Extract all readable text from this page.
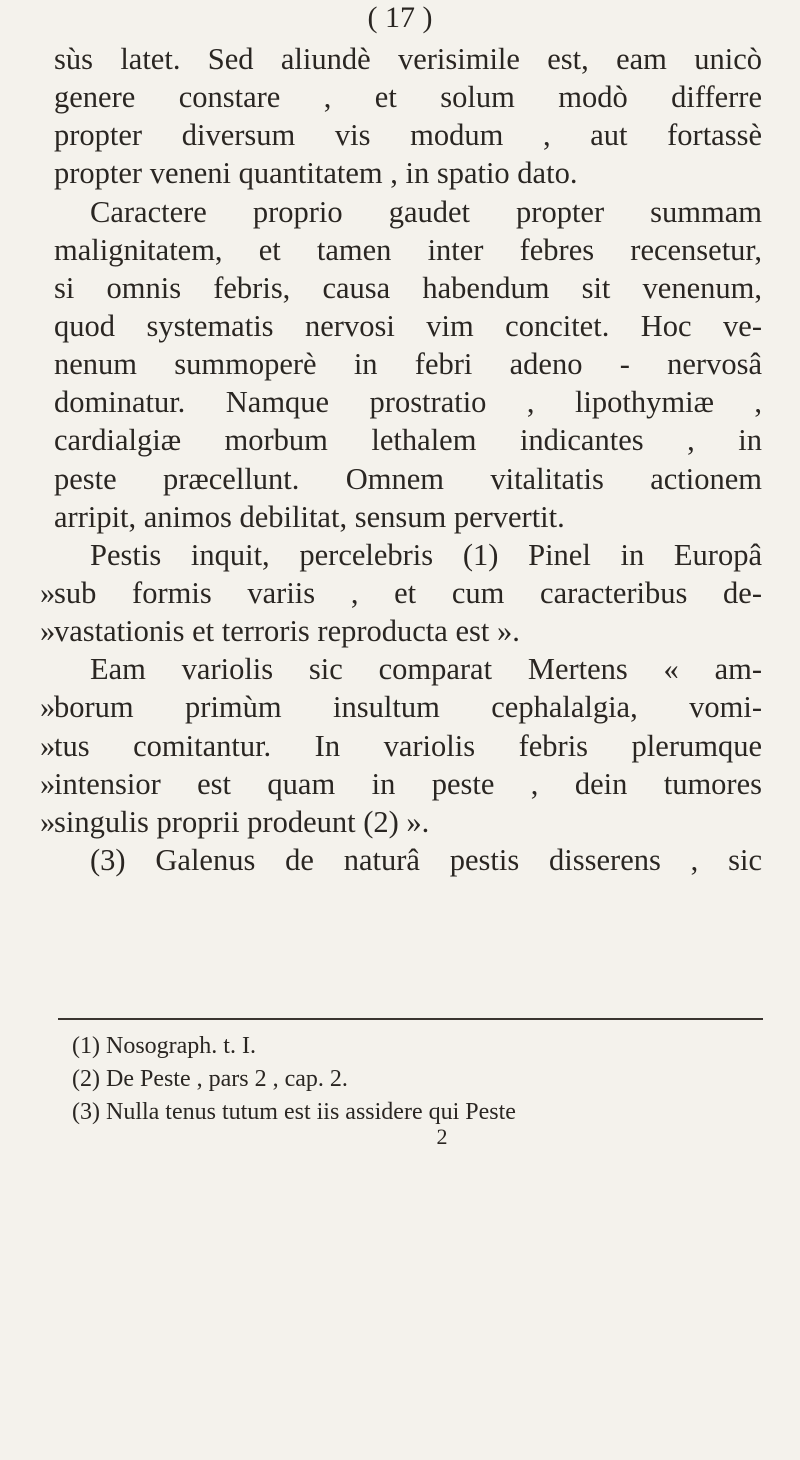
( 17 )
sùs latet. Sed aliundè verisimile est, eam unicò
genere constare , et solum modò differre
propter diversum vis modum , aut fortassè
propter veneni quantitatem , in spatio dato.
Caractere proprio gaudet propter summam
malignitatem, et tamen inter febres recensetur,
si omnis febris, causa habendum sit venenum,
quod systematis nervosi vim concitet. Hoc ve-
nenum summoperè in febri adeno - nervosâ
dominatur. Namque prostratio , lipothymiæ ,
cardialgiæ morbum lethalem indicantes , in
peste præcellunt. Omnem vitalitatis actionem
arripit, animos debilitat, sensum pervertit.
Pestis inquit, percelebris (1) Pinel in Europâ
»
sub formis variis , et cum caracteribus de-
»
vastationis et terroris reproducta est ».
Eam variolis sic comparat Mertens « am-
»
borum primùm insultum cephalalgia, vomi-
»
tus comitantur. In variolis febris plerumque
»
intensior est quam in peste , dein tumores
»
singulis proprii prodeunt (2) ».
(3) Galenus de naturâ pestis disserens , sic
(1) Nosograph. t. I.
(2) De Peste , pars 2 , cap. 2.
(3) Nulla tenus tutum est iis assidere qui Peste
2
